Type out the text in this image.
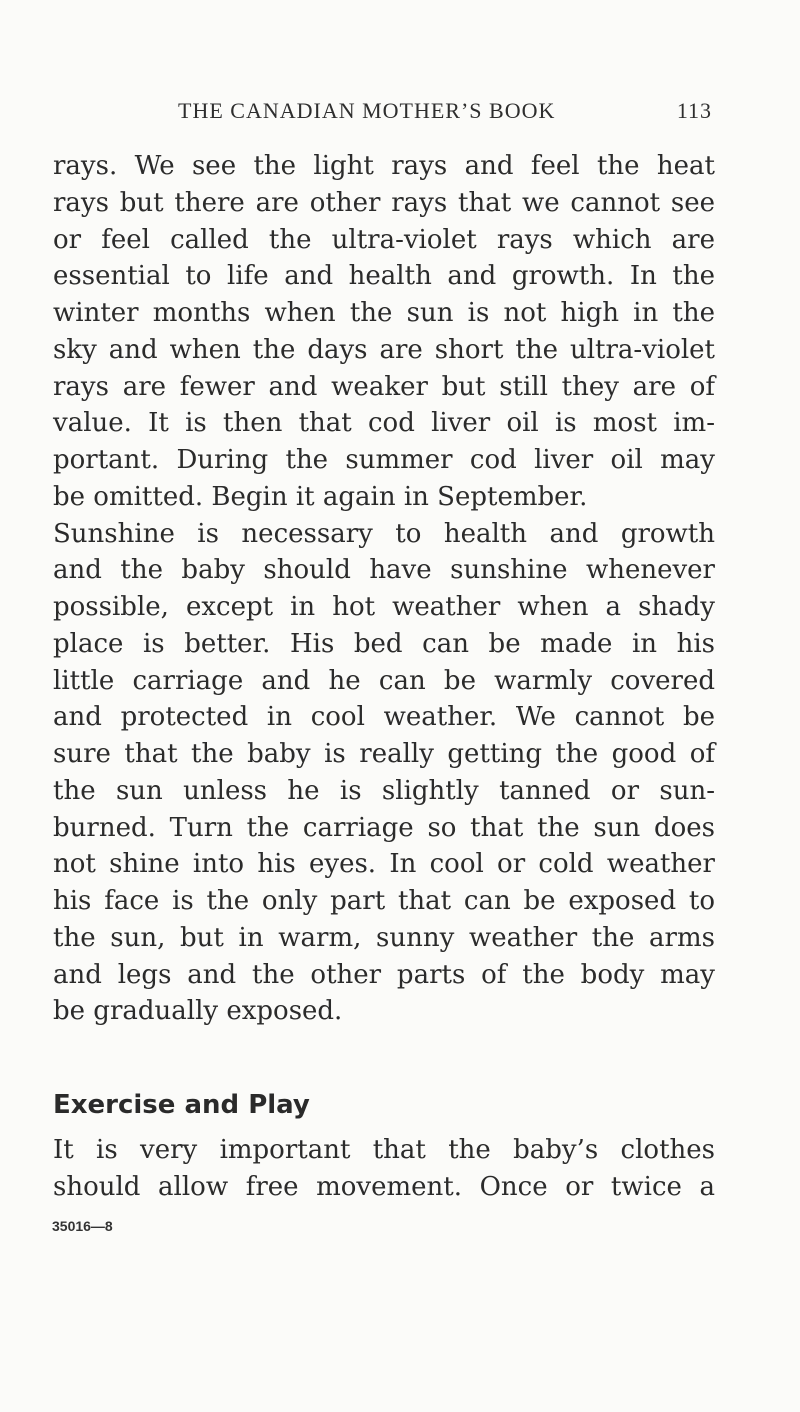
THE CANADIAN MOTHER’S BOOK	113
rays. We see the light rays and feel the heat
rays but there are other rays that we cannot see
or feel called the ultra-violet rays which are
essential to life and health and growth. In the
winter months when the sun is not high in the
sky and when the days are short the ultra-violet
rays are fewer and weaker but still they are of
value. It is then that cod liver oil is most im-
portant. During the summer cod liver oil may
be omitted. Begin it again in September.
Sunshine is necessary to health and growth
and the baby should have sunshine whenever
possible, except in hot weather when a shady
place is better. His bed can be made in his
little carriage and he can be warmly covered
and protected in cool weather. We cannot be
sure that the baby is really getting the good of
the sun unless he is slightly tanned or sun-
burned. Turn the carriage so that the sun does
not shine into his eyes. In cool or cold weather
his face is the only part that can be exposed to
the sun, but in warm, sunny weather the arms
and legs and the other parts of the body may
be gradually exposed.
Exercise and Play
It is very important that the baby’s clothes
should allow free movement. Once or twice a
35016—8
